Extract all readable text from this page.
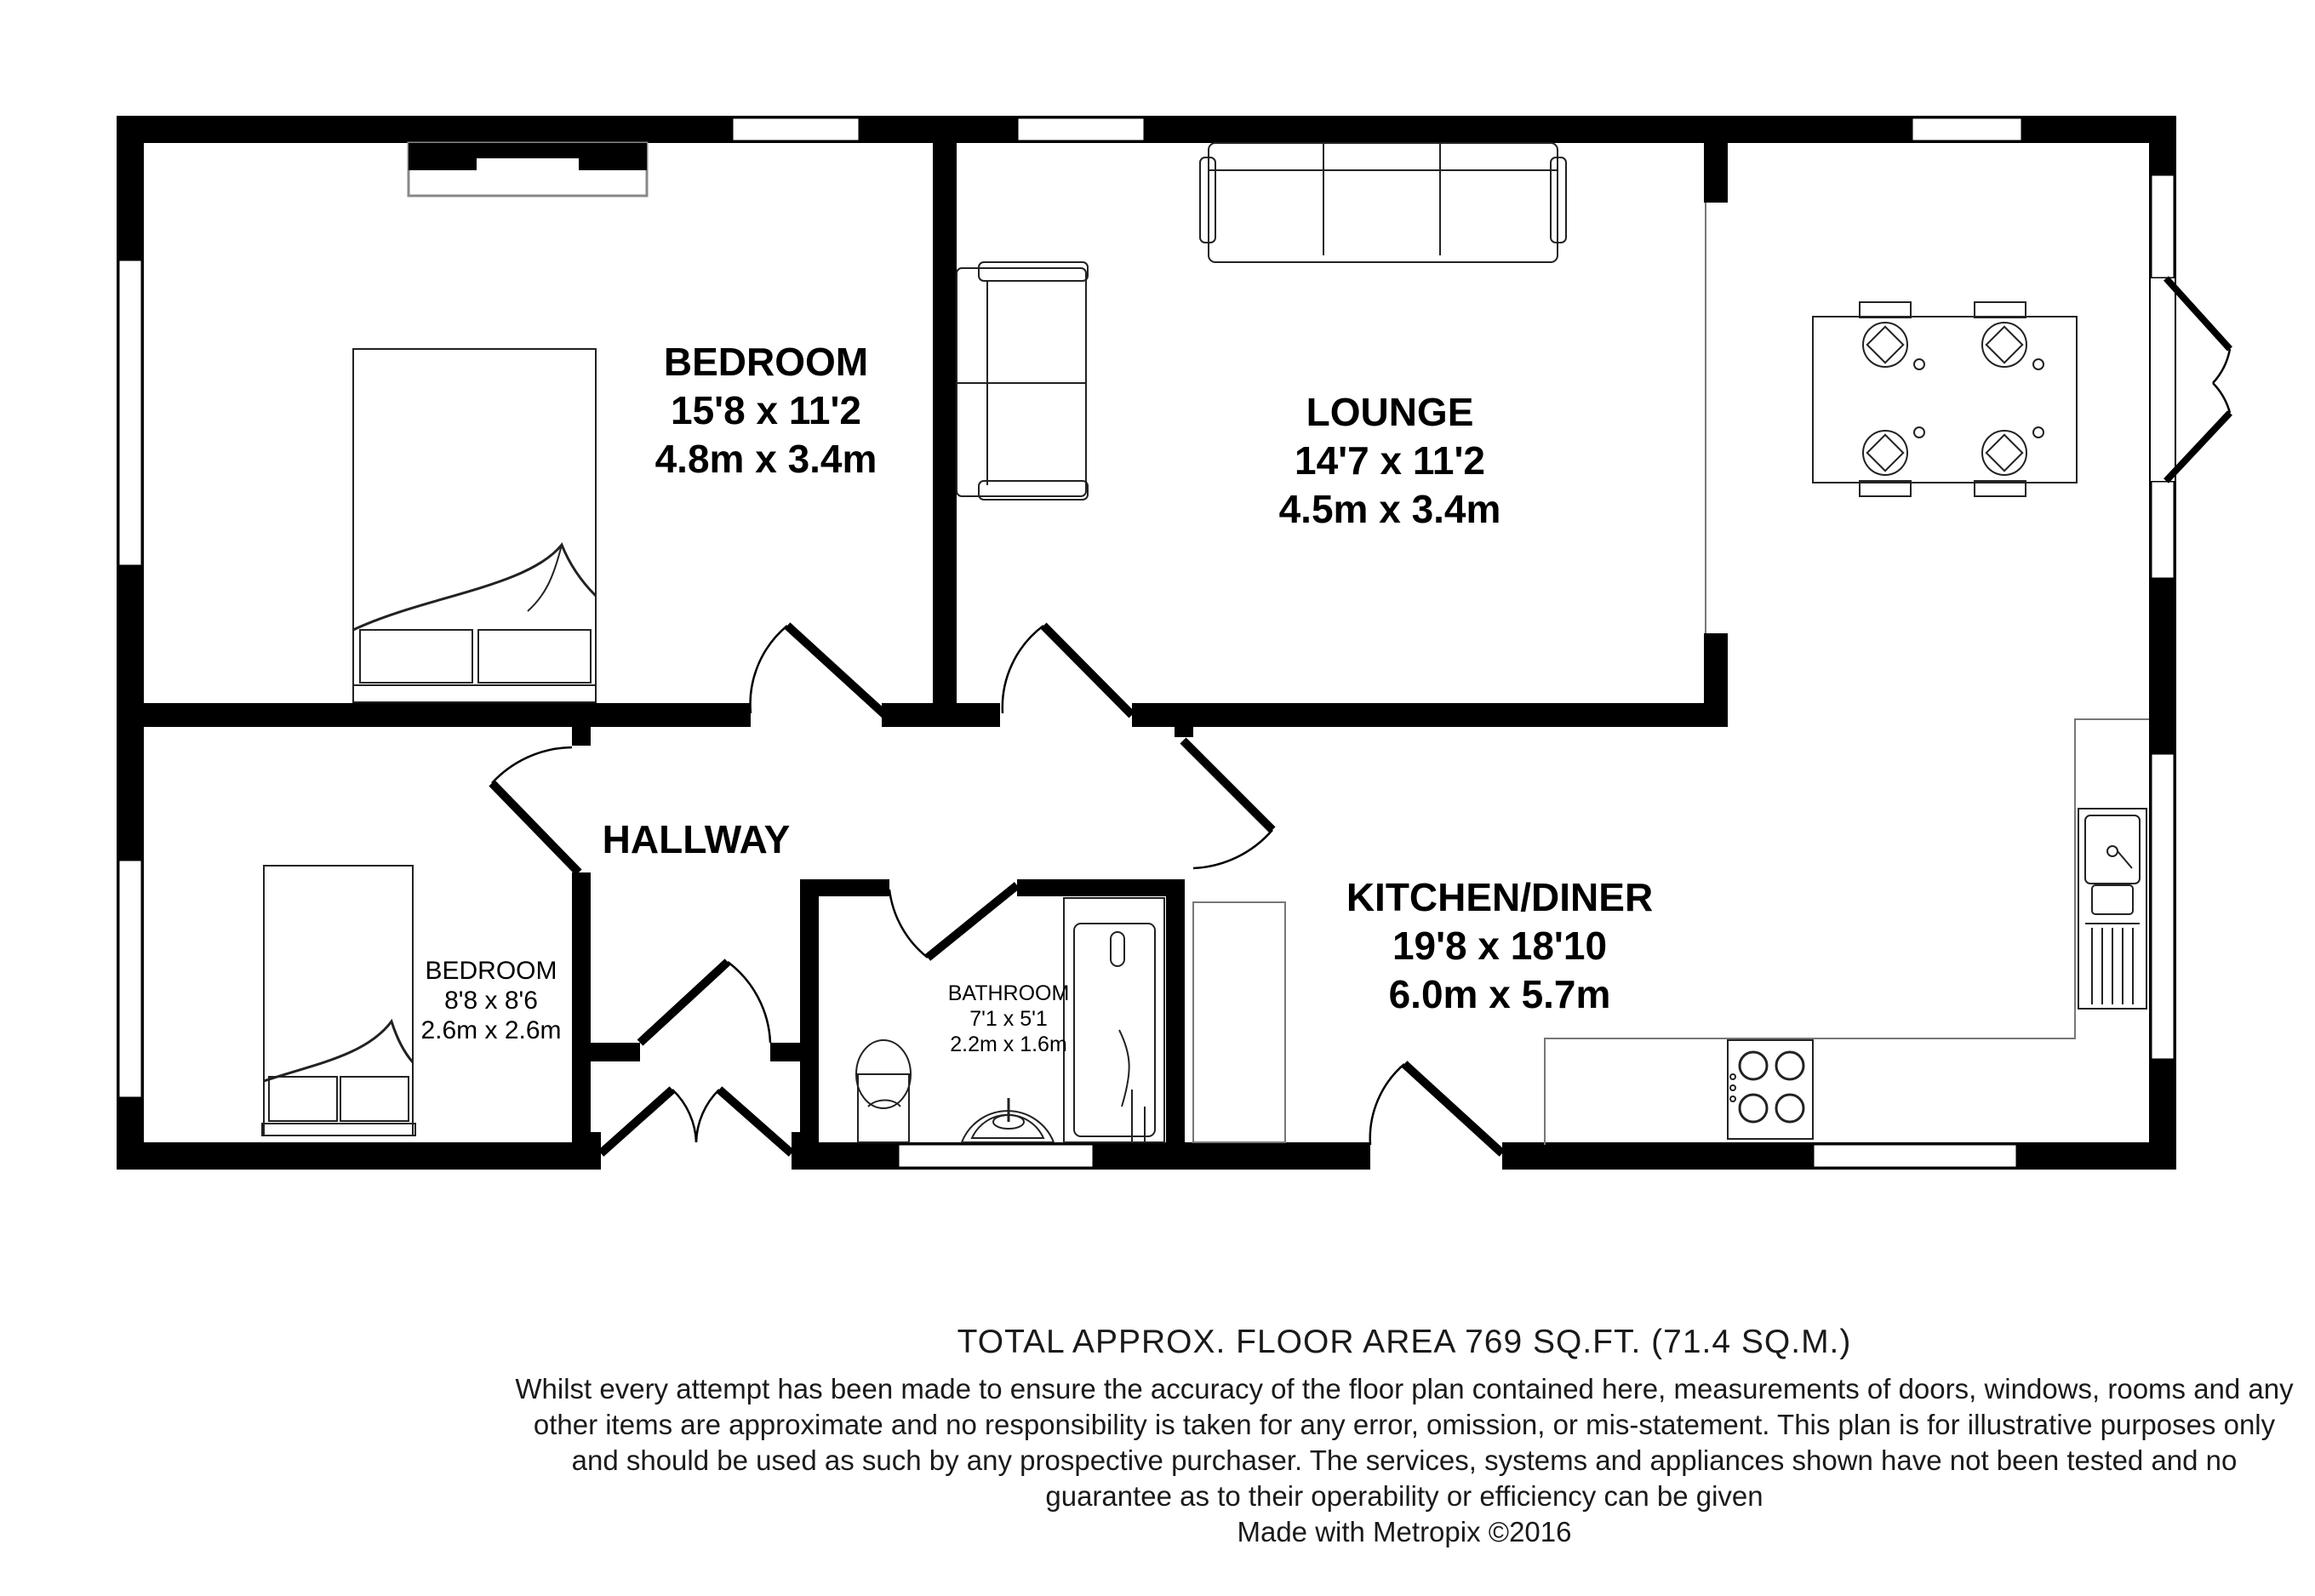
BEDROOM
15'8 x 11'2
4.8m x 3.4m
LOUNGE
14'7 x 11'2
4.5m x 3.4m
HALLWAY
KITCHEN/DINER
19'8 x 18'10
6.0m x 5.7m
BEDROOM
8'8 x 8'6
2.6m x 2.6m
BATHROOM
7'1 x 5'1
2.2m x 1.6m
TOTAL APPROX. FLOOR AREA 769 SQ.FT. (71.4 SQ.M.)
Whilst every attempt has been made to ensure the accuracy of the floor plan contained here, measurements of doors, windows, rooms and any other items are approximate and no responsibility is taken for any error, omission, or mis-statement. This plan is for illustrative purposes only and should be used as such by any prospective purchaser. The services, systems and appliances shown have not been tested and no guarantee as to their operability or efficiency can be given
Made with Metropix ©2016
